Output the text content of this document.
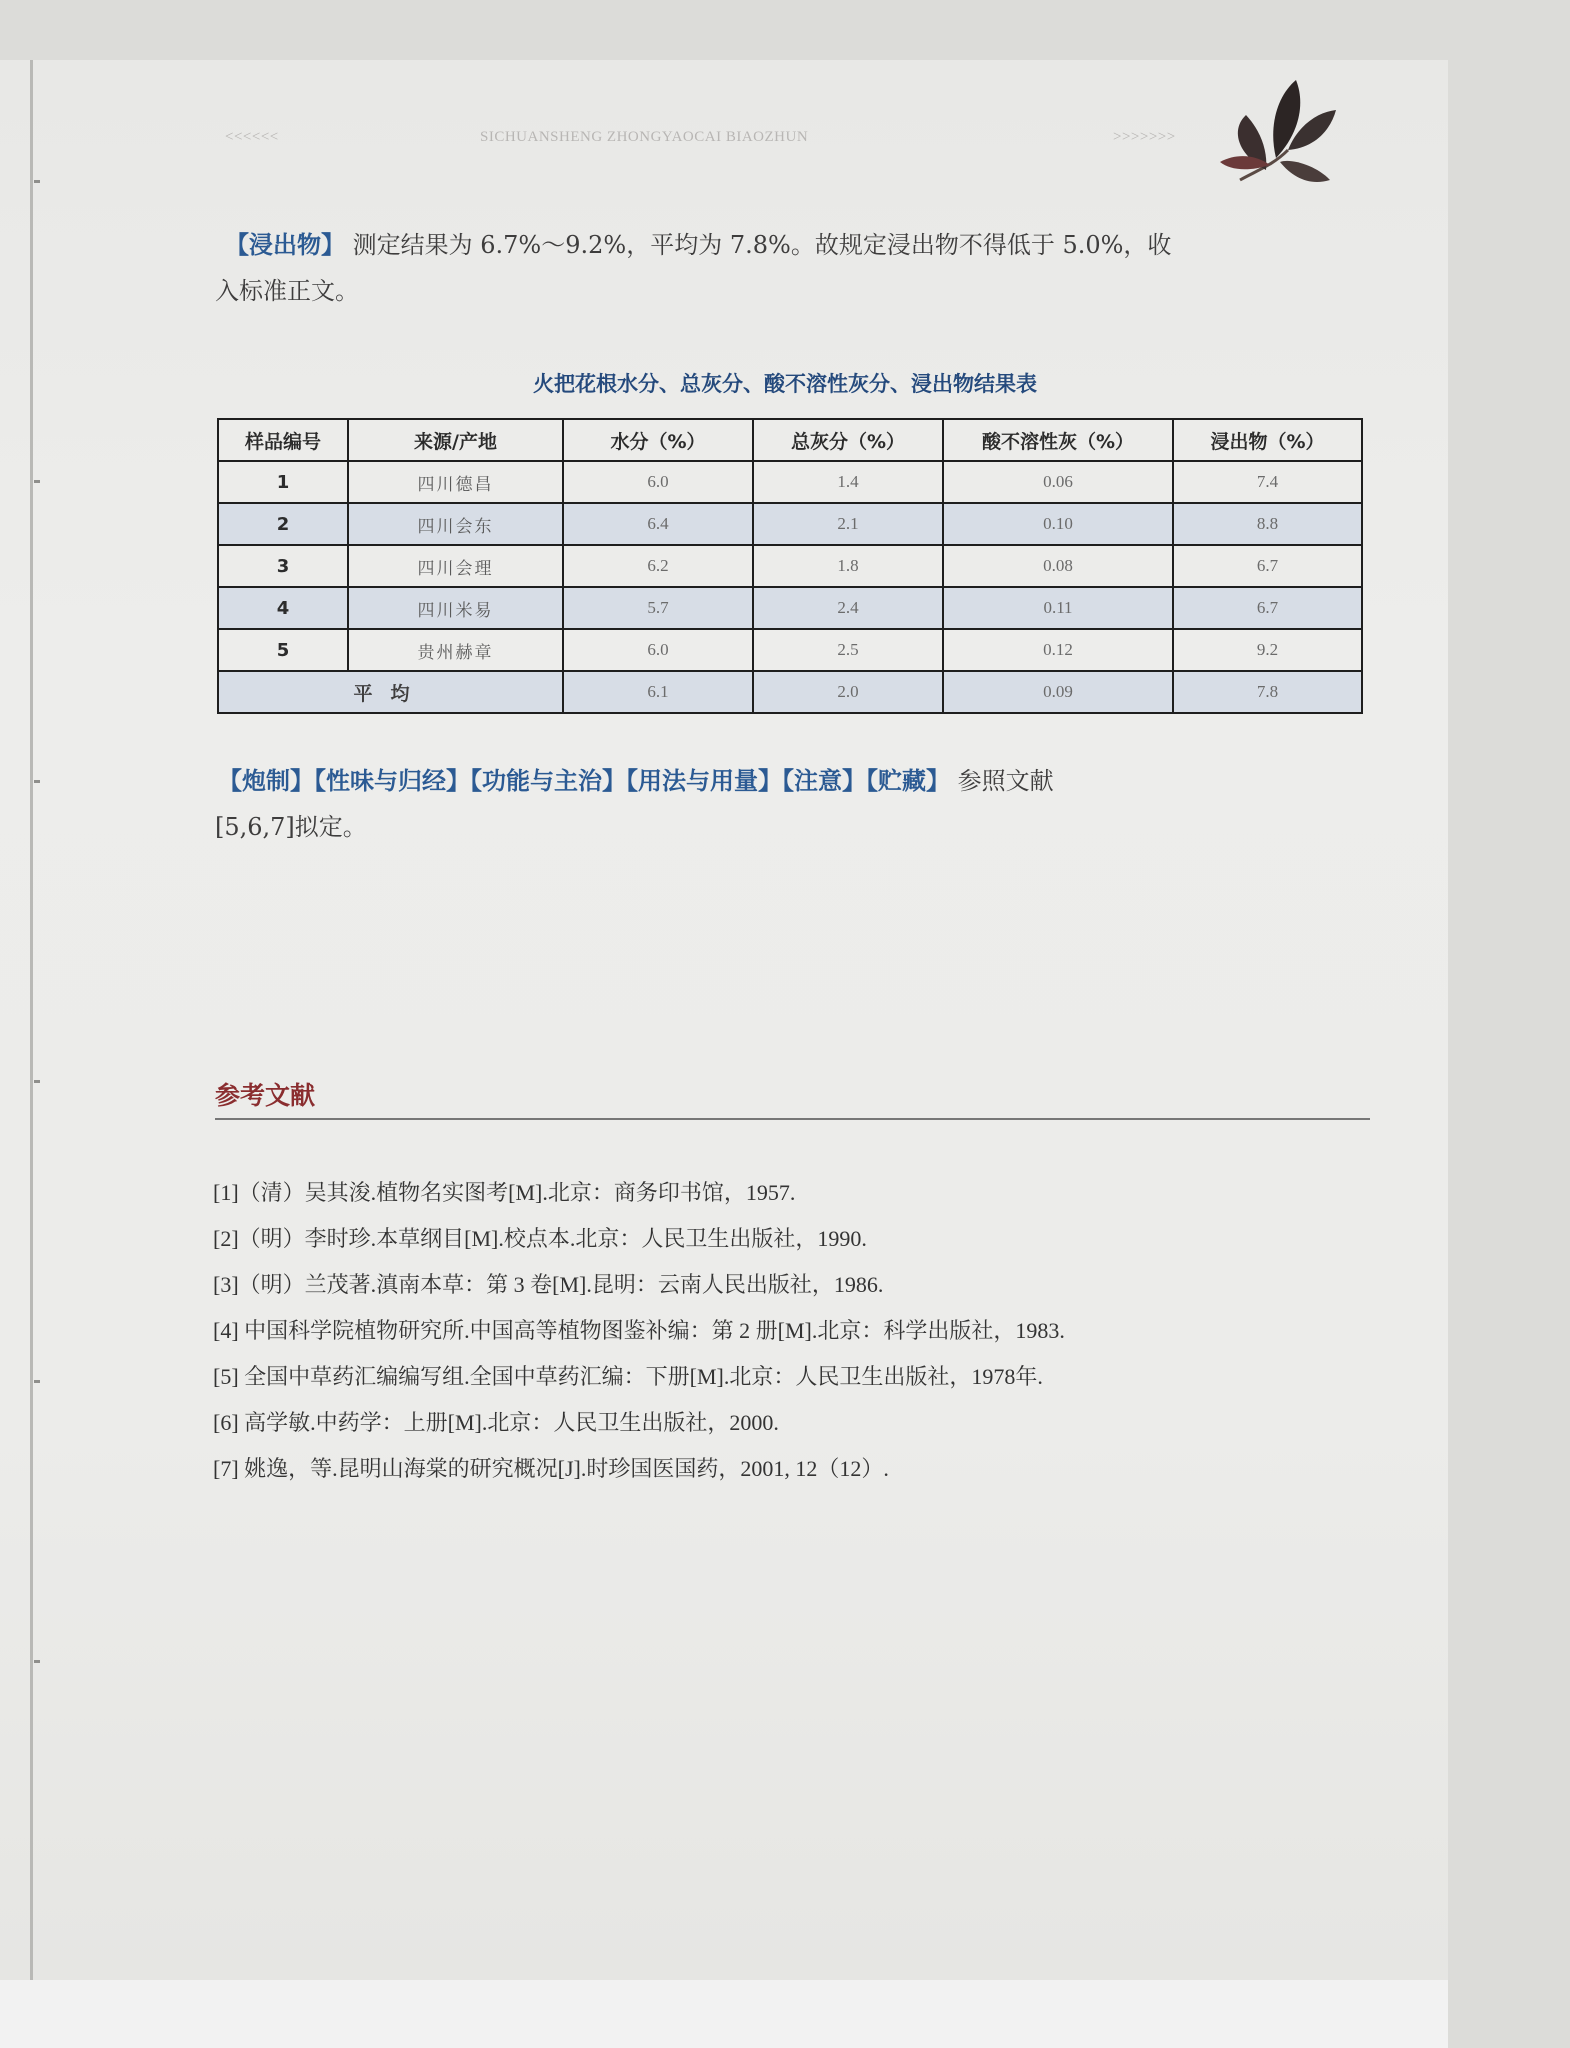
<<<<<<	SICHUANSHENG ZHONGYAOCAI BIAOZHUN	>>>>>>>
【浸出物】 测定结果为 6.7%～9.2%，平均为 7.8%。故规定浸出物不得低于 5.0%，收
入标准正文。
火把花根水分、总灰分、酸不溶性灰分、浸出物结果表
样品编号	来源/产地	水分（%）	总灰分（%）	酸不溶性灰（%）	浸出物（%）
1	四川德昌	6.0	1.4	0.06	7.4
2	四川会东	6.4	2.1	0.10	8.8
3	四川会理	6.2	1.8	0.08	6.7
4	四川米易	5.7	2.4	0.11	6.7
5	贵州赫章	6.0	2.5	0.12	9.2
平均		6.1	2.0	0.09	7.8
【炮制】【性味与归经】【功能与主治】【用法与用量】【注意】【贮藏】 参照文献
[5,6,7]拟定。
参考文献
[1]（清）吴其浚.植物名实图考[M].北京：商务印书馆，1957.
[2]（明）李时珍.本草纲目[M].校点本.北京：人民卫生出版社，1990.
[3]（明）兰茂著.滇南本草：第 3 卷[M].昆明：云南人民出版社，1986.
[4] 中国科学院植物研究所.中国高等植物图鉴补编：第 2 册[M].北京：科学出版社，1983.
[5] 全国中草药汇编编写组.全国中草药汇编：下册[M].北京：人民卫生出版社，1978年.
[6] 高学敏.中药学：上册[M].北京：人民卫生出版社，2000.
[7] 姚逸，等.昆明山海棠的研究概况[J].时珍国医国药，2001, 12（12）.
